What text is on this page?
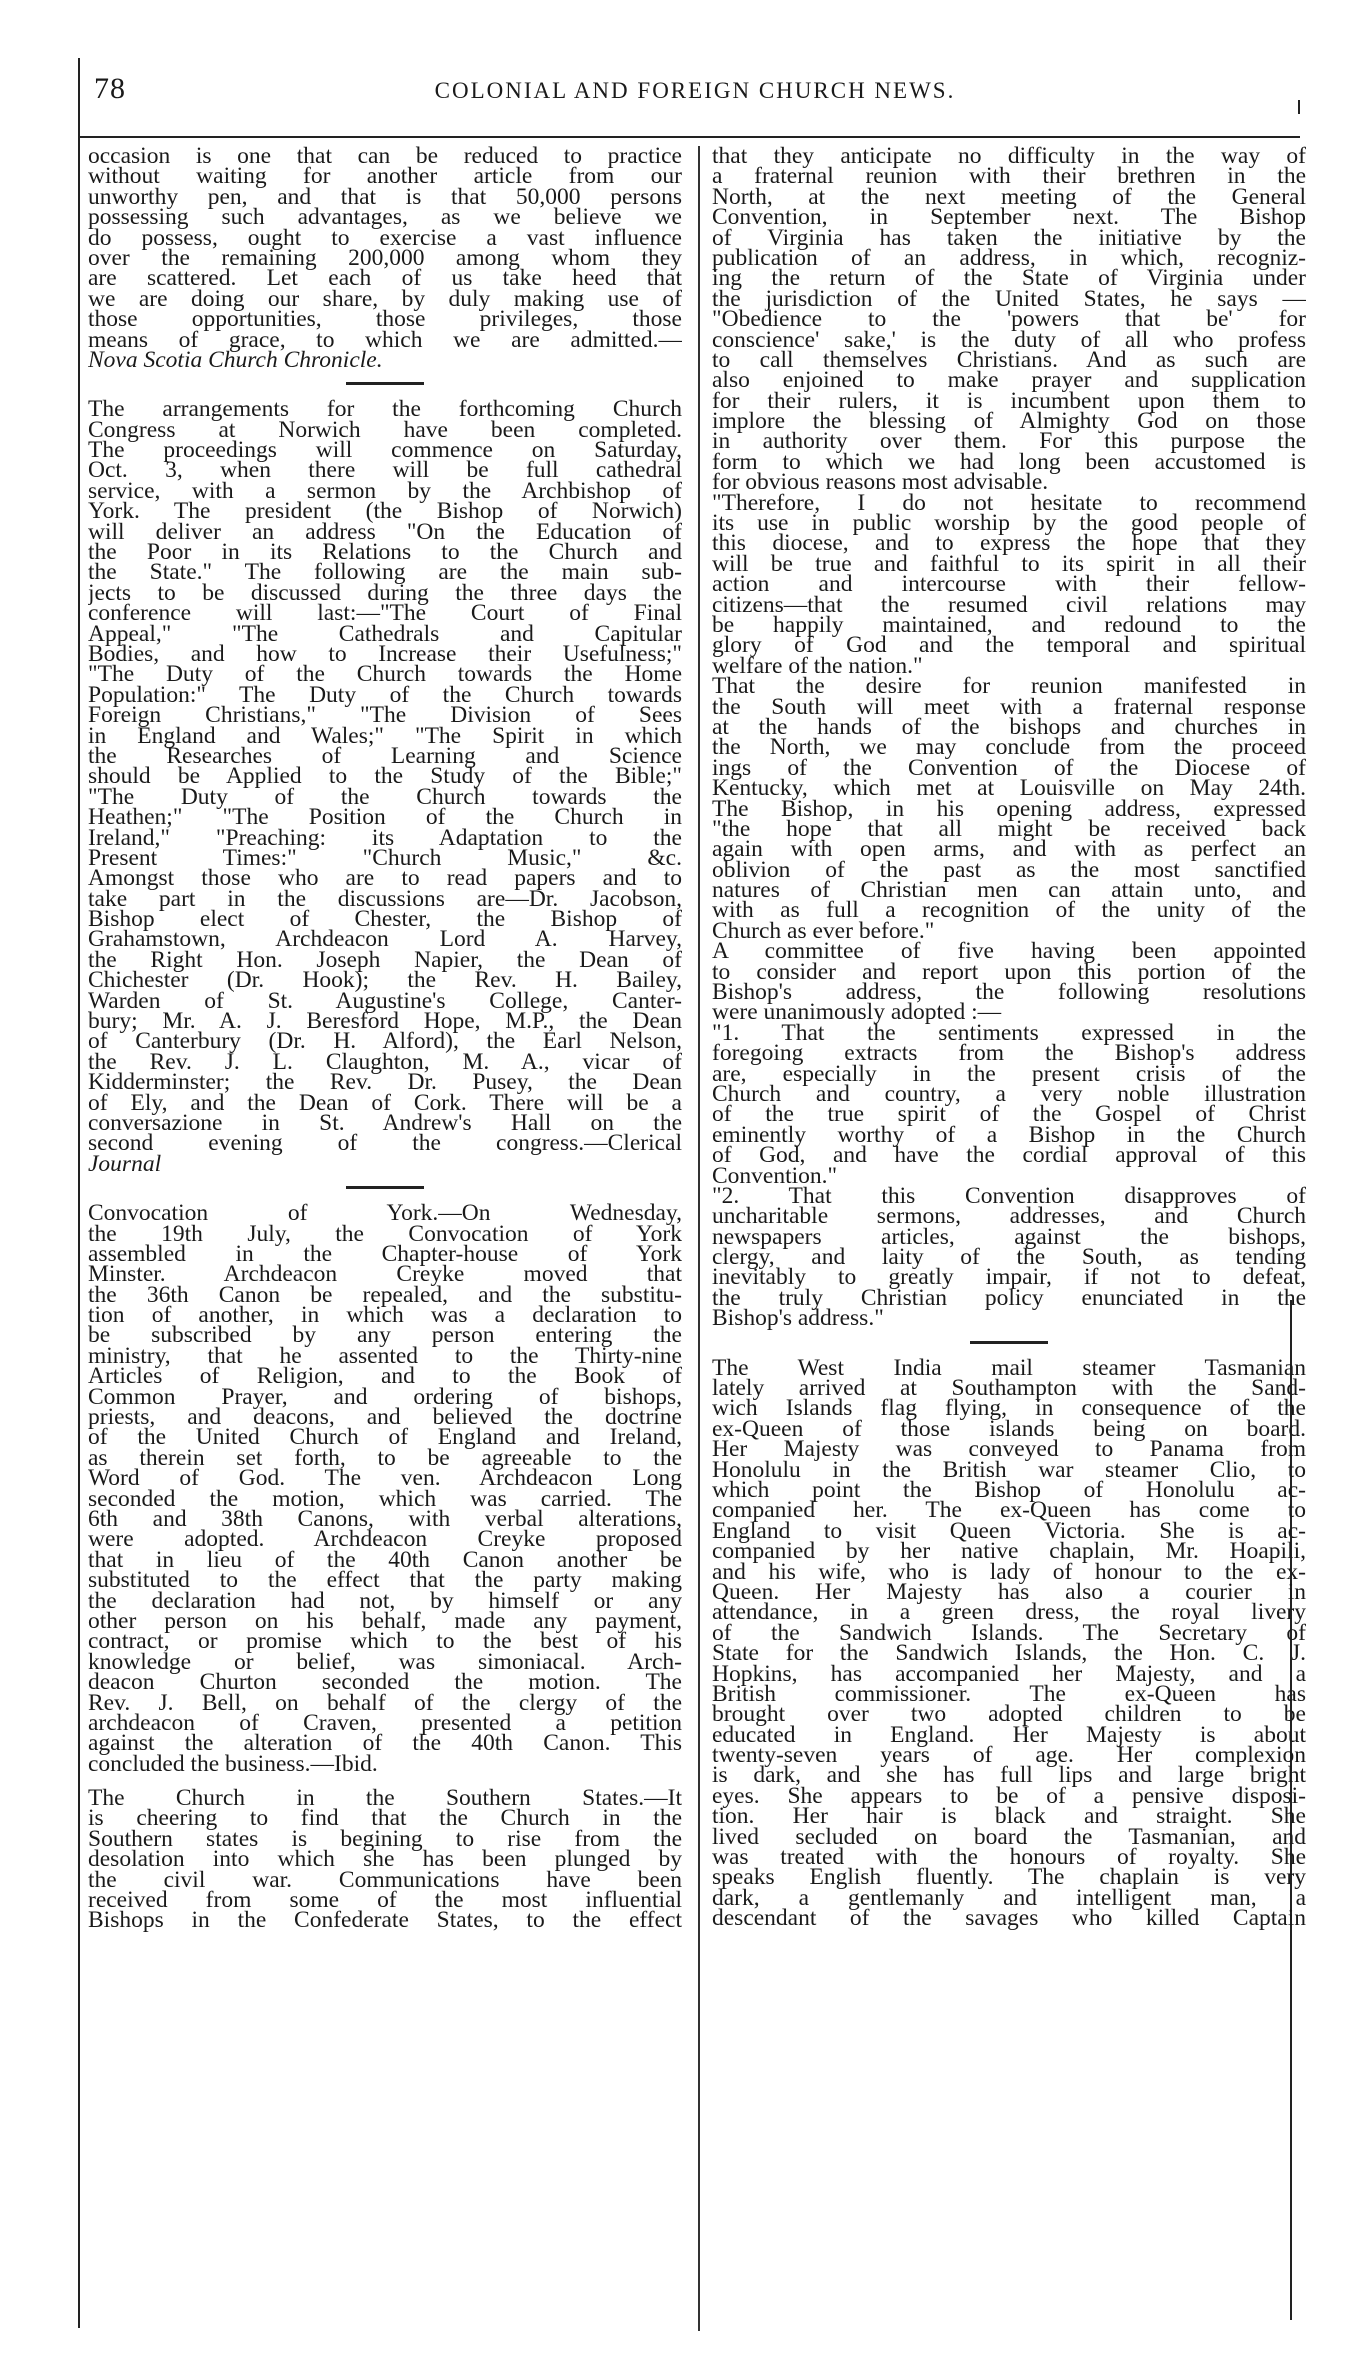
78	COLONIAL AND FOREIGN CHURCH NEWS.
occasion is one that can be reduced to practice
without waiting for another article from our
unworthy pen, and that is that 50,000 persons
possessing such advantages, as we believe we
do possess, ought to exercise a vast influence
over the remaining 200,000 among whom they
are scattered. Let each of us take heed that
we are doing our share, by duly making use of
those opportunities, those privileges, those
means of grace, to which we are admitted.—
Nova Scotia Church Chronicle.
The arrangements for the forthcoming Church
Congress at Norwich have been completed.
The proceedings will commence on Saturday,
Oct. 3, when there will be full cathedral
service, with a sermon by the Archbishop of
York. The president (the Bishop of Norwich)
will deliver an address "On the Education of
the Poor in its Relations to the Church and
the State." The following are the main sub-
jects to be discussed during the three days the
conference will last:—"The Court of Final
Appeal," "The Cathedrals and Capitular
Bodies, and how to Increase their Usefulness;"
"The Duty of the Church towards the Home
Population:" The Duty of the Church towards
Foreign Christians," "The Division of Sees
in England and Wales;" "The Spirit in which
the Researches of Learning and Science
should be Applied to the Study of the Bible;"
"The Duty of the Church towards the
Heathen;" "The Position of the Church in
Ireland," "Preaching: its Adaptation to the
Present Times:" "Church Music," &c.
Amongst those who are to read papers and to
take part in the discussions are—Dr. Jacobson,
Bishop elect of Chester, the Bishop of
Grahamstown, Archdeacon Lord A. Harvey,
the Right Hon. Joseph Napier, the Dean of
Chichester (Dr. Hook); the Rev. H. Bailey,
Warden of St. Augustine's College, Canter-
bury; Mr. A. J. Beresford Hope, M.P., the Dean
of Canterbury (Dr. H. Alford), the Earl Nelson,
the Rev. J. L. Claughton, M. A., vicar of
Kidderminster; the Rev. Dr. Pusey, the Dean
of Ely, and the Dean of Cork. There will be a
conversazione in St. Andrew's Hall on the
second evening of the congress.—Clerical
Journal
Convocation of York.—On Wednesday,
the 19th July, the Convocation of York
assembled in the Chapter-house of York
Minster. Archdeacon Creyke moved that
the 36th Canon be repealed, and the substitu-
tion of another, in which was a declaration to
be subscribed by any person entering the
ministry, that he assented to the Thirty-nine
Articles of Religion, and to the Book of
Common Prayer, and ordering of bishops,
priests, and deacons, and believed the doctrine
of the United Church of England and Ireland,
as therein set forth, to be agreeable to the
Word of God. The ven. Archdeacon Long
seconded the motion, which was carried. The
6th and 38th Canons, with verbal alterations,
were adopted. Archdeacon Creyke proposed
that in lieu of the 40th Canon another be
substituted to the effect that the party making
the declaration had not, by himself or any
other person on his behalf, made any payment,
contract, or promise which to the best of his
knowledge or belief, was simoniacal. Arch-
deacon Churton seconded the motion. The
Rev. J. Bell, on behalf of the clergy of the
archdeacon of Craven, presented a petition
against the alteration of the 40th Canon. This
concluded the business.—Ibid.
The Church in the Southern States.—It
is cheering to find that the Church in the
Southern states is begining to rise from the
desolation into which she has been plunged by
the civil war. Communications have been
received from some of the most influential
Bishops in the Confederate States, to the effect
that they anticipate no difficulty in the way of
a fraternal reunion with their brethren in the
North, at the next meeting of the General
Convention, in September next. The Bishop
of Virginia has taken the initiative by the
publication of an address, in which, recogniz-
ing the return of the State of Virginia under
the jurisdiction of the United States, he says —
"Obedience to the 'powers that be' for
conscience' sake,' is the duty of all who profess
to call themselves Christians. And as such are
also enjoined to make prayer and supplication
for their rulers, it is incumbent upon them to
implore the blessing of Almighty God on those
in authority over them. For this purpose the
form to which we had long been accustomed is
for obvious reasons most advisable.
"Therefore, I do not hesitate to recommend
its use in public worship by the good people of
this diocese, and to express the hope that they
will be true and faithful to its spirit in all their
action and intercourse with their fellow-
citizens—that the resumed civil relations may
be happily maintained, and redound to the
glory of God and the temporal and spiritual
welfare of the nation."
That the desire for reunion manifested in
the South will meet with a fraternal response
at the hands of the bishops and churches in
the North, we may conclude from the proceed
ings of the Convention of the Diocese of
Kentucky, which met at Louisville on May 24th.
The Bishop, in his opening address, expressed
"the hope that all might be received back
again with open arms, and with as perfect an
oblivion of the past as the most sanctified
natures of Christian men can attain unto, and
with as full a recognition of the unity of the
Church as ever before."
A committee of five having been appointed
to consider and report upon this portion of the
Bishop's address, the following resolutions
were unanimously adopted :—
"1. That the sentiments expressed in the
foregoing extracts from the Bishop's address
are, especially in the present crisis of the
Church and country, a very noble illustration
of the true spirit of the Gospel of Christ
eminently worthy of a Bishop in the Church
of God, and have the cordial approval of this
Convention."
"2. That this Convention disapproves of
uncharitable sermons, addresses, and Church
newspapers articles, against the bishops,
clergy, and laity of the South, as tending
inevitably to greatly impair, if not to defeat,
the truly Christian policy enunciated in the
Bishop's address."
The West India mail steamer Tasmanian
lately arrived at Southampton with the Sand-
wich Islands flag flying, in consequence of the
ex-Queen of those islands being on board.
Her Majesty was conveyed to Panama from
Honolulu in the British war steamer Clio, to
which point the Bishop of Honolulu ac-
companied her. The ex-Queen has come to
England to visit Queen Victoria. She is ac-
companied by her native chaplain, Mr. Hoapili,
and his wife, who is lady of honour to the ex-
Queen. Her Majesty has also a courier in
attendance, in a green dress, the royal livery
of the Sandwich Islands. The Secretary of
State for the Sandwich Islands, the Hon. C. J.
Hopkins, has accompanied her Majesty, and a
British commissioner. The ex-Queen has
brought over two adopted children to be
educated in England. Her Majesty is about
twenty-seven years of age. Her complexion
is dark, and she has full lips and large bright
eyes. She appears to be of a pensive disposi-
tion. Her hair is black and straight. She
lived secluded on board the Tasmanian, and
was treated with the honours of royalty. She
speaks English fluently. The chaplain is very
dark, a gentlemanly and intelligent man, a
descendant of the savages who killed Captain
